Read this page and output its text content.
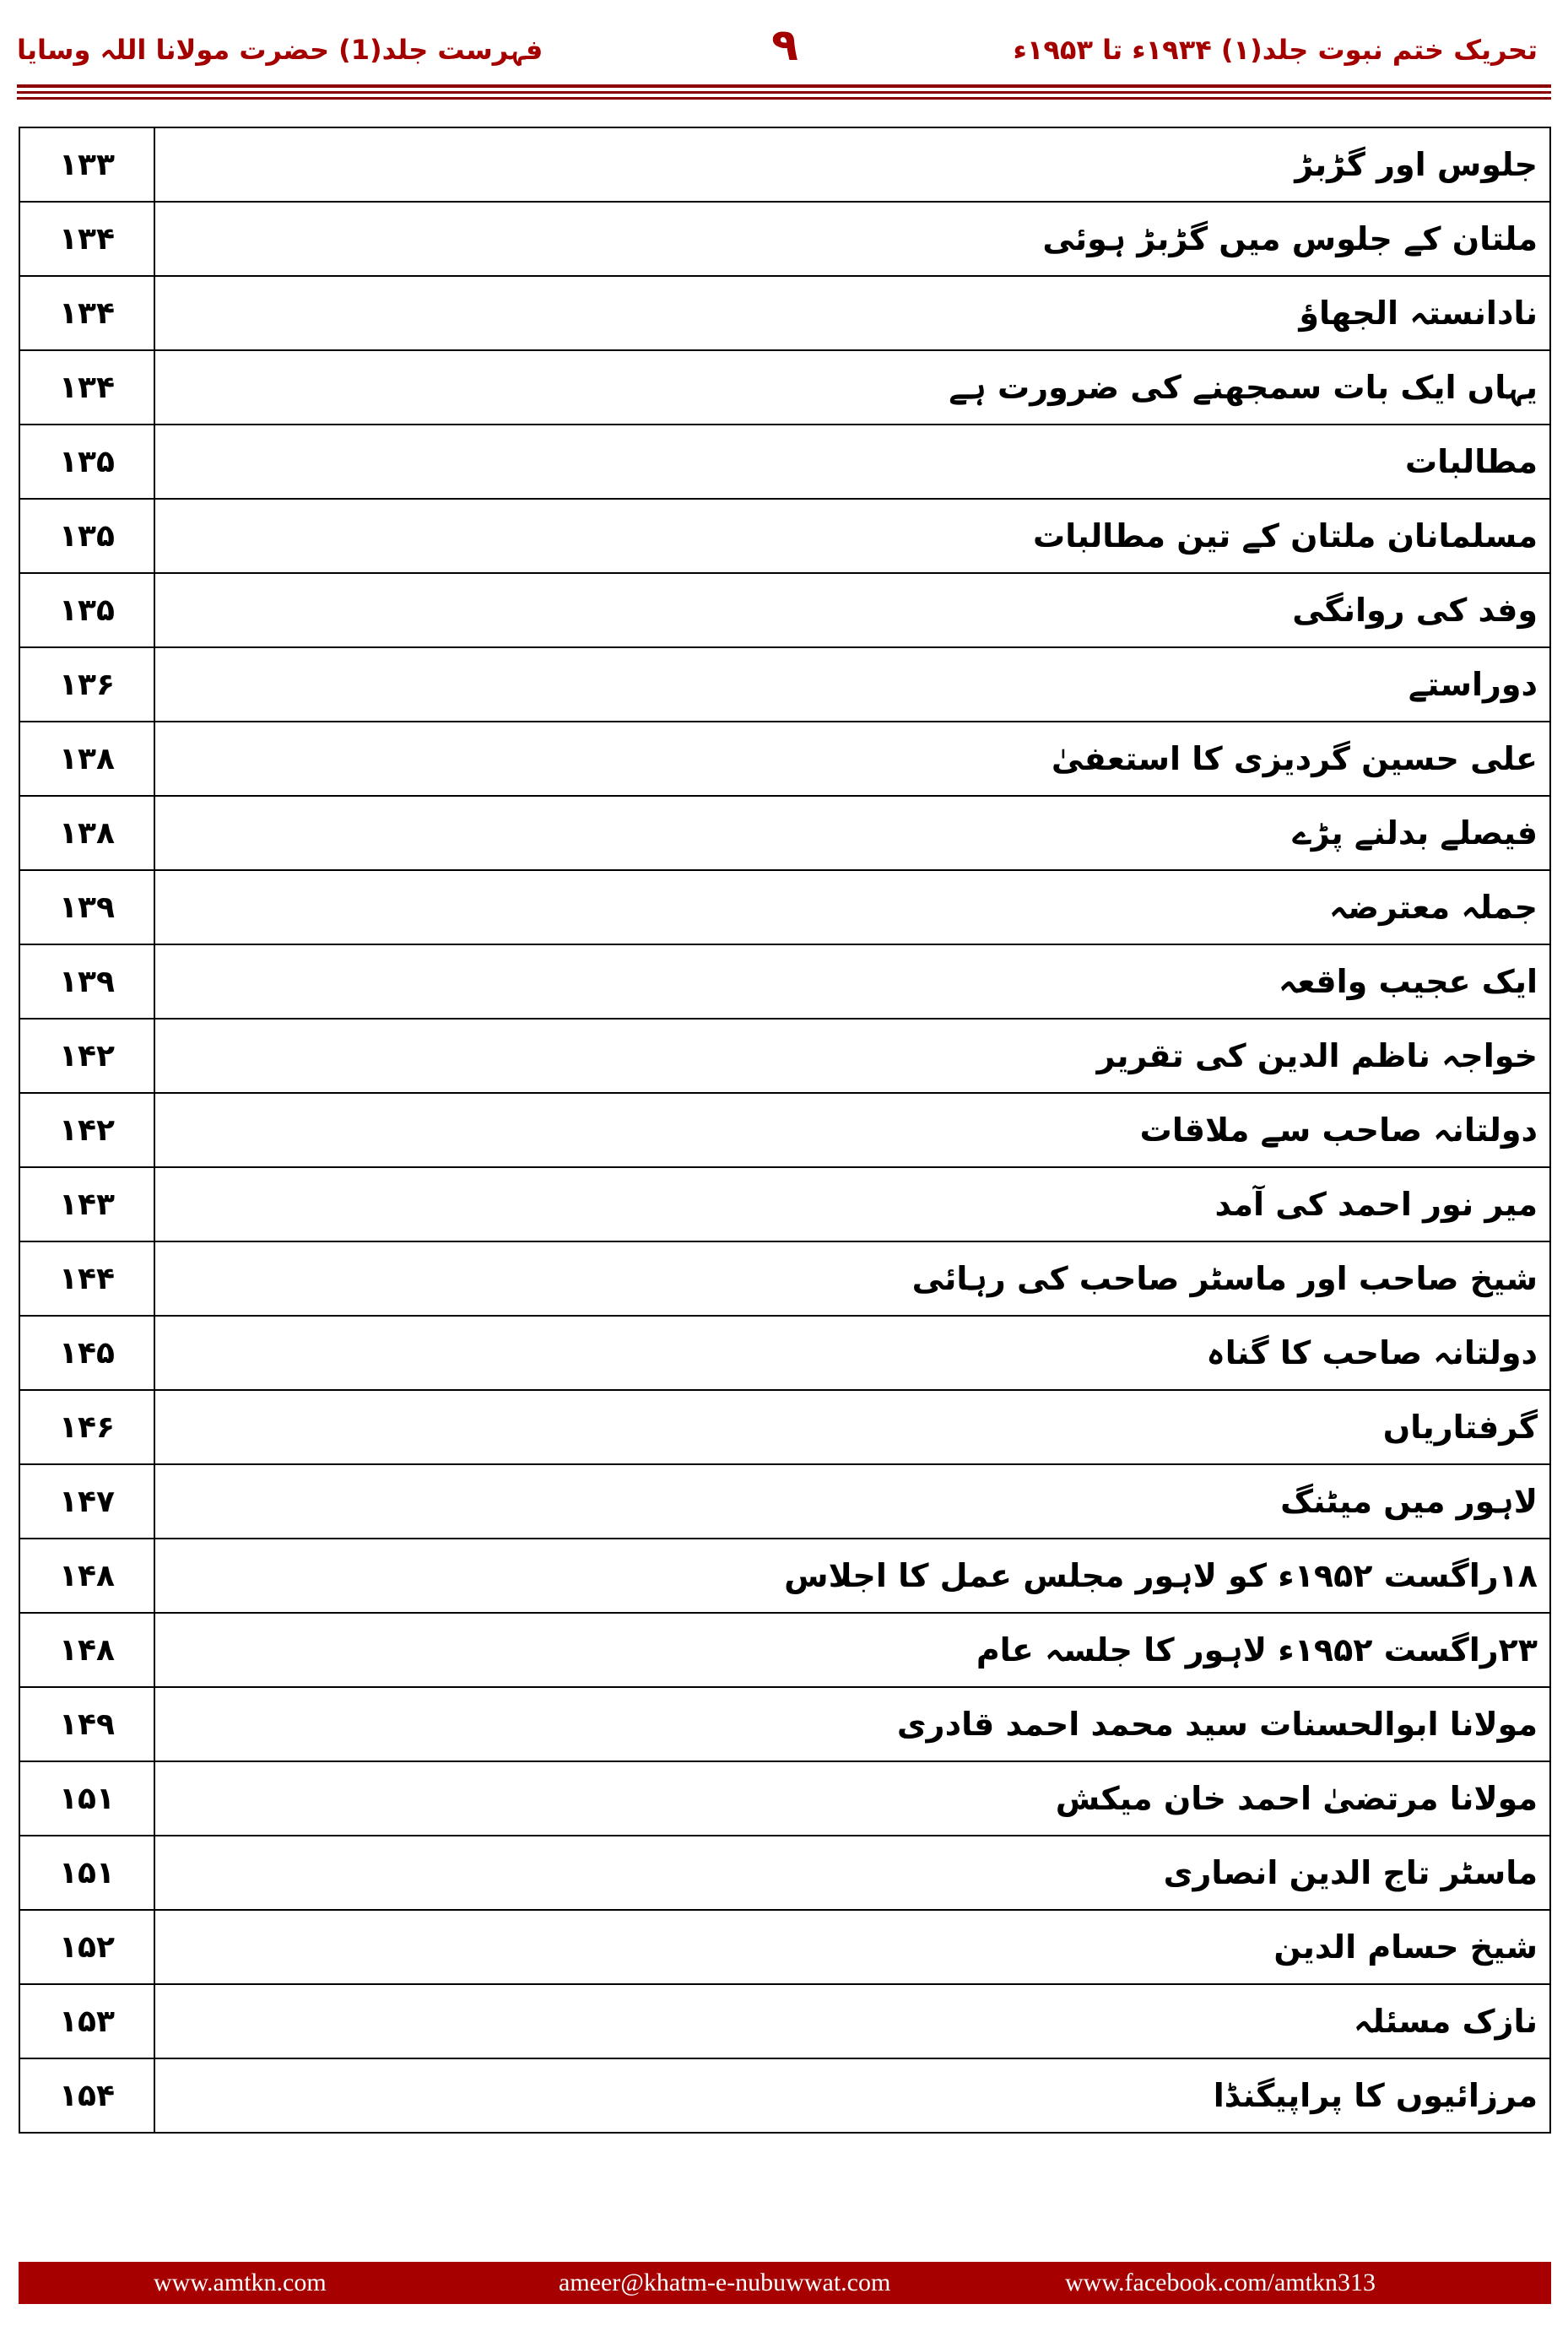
فہرست جلد(1) حضرت مولانا اللہ وسایا	۹	تحریک ختم نبوت جلد(۱) ۱۹۳۴ء تا ۱۹۵۳ء
۱۳۳	جلوس اور گڑبڑ
۱۳۴	ملتان کے جلوس میں گڑبڑ ہوئی
۱۳۴	نادانستہ الجھاؤ
۱۳۴	یہاں ایک بات سمجھنے کی ضرورت ہے
۱۳۵	مطالبات
۱۳۵	مسلمانان ملتان کے تین مطالبات
۱۳۵	وفد کی روانگی
۱۳۶	دوراستے
۱۳۸	علی حسین گردیزی کا استعفیٰ
۱۳۸	فیصلے بدلنے پڑے
۱۳۹	جملہ معترضہ
۱۳۹	ایک عجیب واقعہ
۱۴۲	خواجہ ناظم الدین کی تقریر
۱۴۲	دولتانہ صاحب سے ملاقات
۱۴۳	میر نور احمد کی آمد
۱۴۴	شیخ صاحب اور ماسٹر صاحب کی رہائی
۱۴۵	دولتانہ صاحب کا گناہ
۱۴۶	گرفتاریاں
۱۴۷	لاہور میں میٹنگ
۱۴۸	۱۸راگست ۱۹۵۲ء کو لاہور مجلس عمل کا اجلاس
۱۴۸	۲۳راگست ۱۹۵۲ء لاہور کا جلسہ عام
۱۴۹	مولانا ابوالحسنات سید محمد احمد قادری
۱۵۱	مولانا مرتضیٰ احمد خان میکش
۱۵۱	ماسٹر تاج الدین انصاری
۱۵۲	شیخ حسام الدین
۱۵۳	نازک مسئلہ
۱۵۴	مرزائیوں کا پراپیگنڈا
www.amtkn.com	ameer@khatm-e-nubuwwat.com	www.facebook.com/amtkn313
